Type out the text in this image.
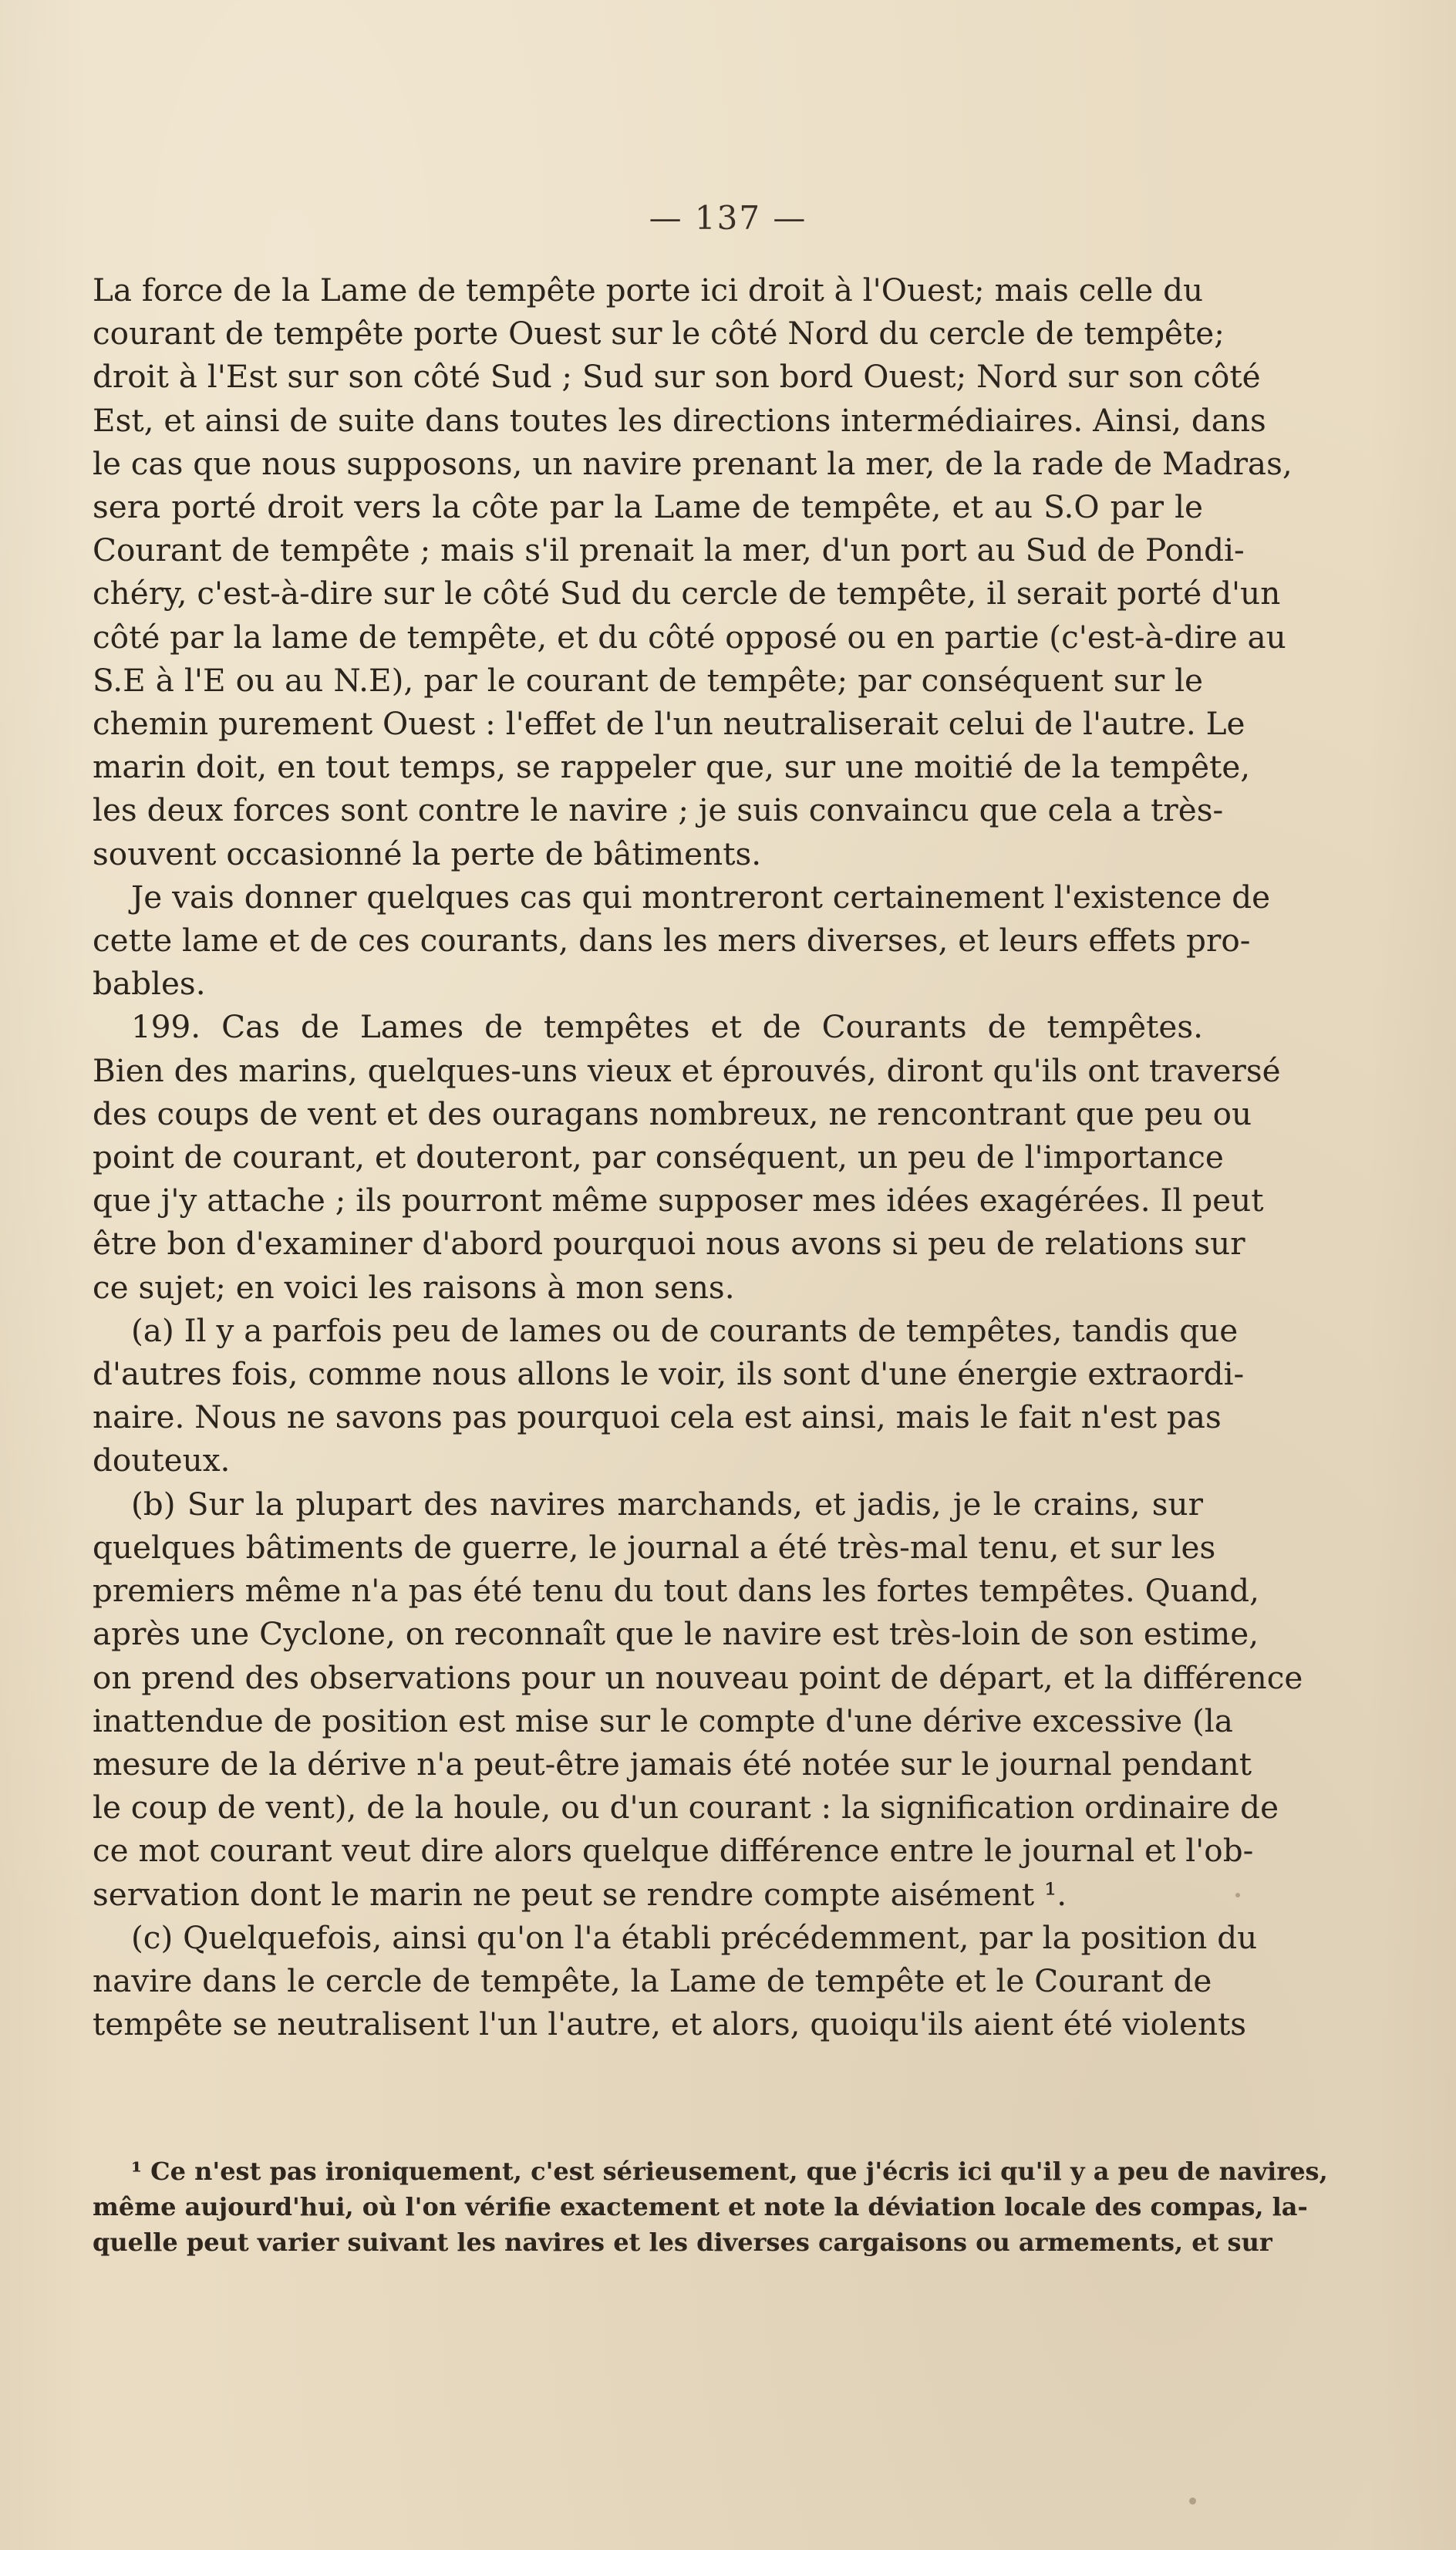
— 137 —
La force de la Lame de tempête porte ici droit à l'Ouest; mais celle du
courant de tempête porte Ouest sur le côté Nord du cercle de tempête;
droit à l'Est sur son côté Sud ; Sud sur son bord Ouest; Nord sur son côté
Est, et ainsi de suite dans toutes les directions intermédiaires. Ainsi, dans
le cas que nous supposons, un navire prenant la mer, de la rade de Madras,
sera porté droit vers la côte par la Lame de tempête, et au S.O par le
Courant de tempête ; mais s'il prenait la mer, d'un port au Sud de Pondi-
chéry, c'est-à-dire sur le côté Sud du cercle de tempête, il serait porté d'un
côté par la lame de tempête, et du côté opposé ou en partie (c'est-à-dire au
S.E à l'E ou au N.E), par le courant de tempête; par conséquent sur le
chemin purement Ouest : l'effet de l'un neutraliserait celui de l'autre. Le
marin doit, en tout temps, se rappeler que, sur une moitié de la tempête,
les deux forces sont contre le navire ; je suis convaincu que cela a très-
souvent occasionné la perte de bâtiments.
Je vais donner quelques cas qui montreront certainement l'existence de
cette lame et de ces courants, dans les mers diverses, et leurs effets pro-
bables.
199. Cas de Lames de tempêtes et de Courants de tempêtes.
Bien des marins, quelques-uns vieux et éprouvés, diront qu'ils ont traversé
des coups de vent et des ouragans nombreux, ne rencontrant que peu ou
point de courant, et douteront, par conséquent, un peu de l'importance
que j'y attache ; ils pourront même supposer mes idées exagérées. Il peut
être bon d'examiner d'abord pourquoi nous avons si peu de relations sur
ce sujet; en voici les raisons à mon sens.
(a) Il y a parfois peu de lames ou de courants de tempêtes, tandis que
d'autres fois, comme nous allons le voir, ils sont d'une énergie extraordi-
naire. Nous ne savons pas pourquoi cela est ainsi, mais le fait n'est pas
douteux.
(b) Sur la plupart des navires marchands, et jadis, je le crains, sur
quelques bâtiments de guerre, le journal a été très-mal tenu, et sur les
premiers même n'a pas été tenu du tout dans les fortes tempêtes. Quand,
après une Cyclone, on reconnaît que le navire est très-loin de son estime,
on prend des observations pour un nouveau point de départ, et la différence
inattendue de position est mise sur le compte d'une dérive excessive (la
mesure de la dérive n'a peut-être jamais été notée sur le journal pendant
le coup de vent), de la houle, ou d'un courant : la signification ordinaire de
ce mot courant veut dire alors quelque différence entre le journal et l'ob-
servation dont le marin ne peut se rendre compte aisément ¹.
(c) Quelquefois, ainsi qu'on l'a établi précédemment, par la position du
navire dans le cercle de tempête, la Lame de tempête et le Courant de
tempête se neutralisent l'un l'autre, et alors, quoiqu'ils aient été violents
¹ Ce n'est pas ironiquement, c'est sérieusement, que j'écris ici qu'il y a peu de navires,
même aujourd'hui, où l'on vérifie exactement et note la déviation locale des compas, la-
quelle peut varier suivant les navires et les diverses cargaisons ou armements, et sur
